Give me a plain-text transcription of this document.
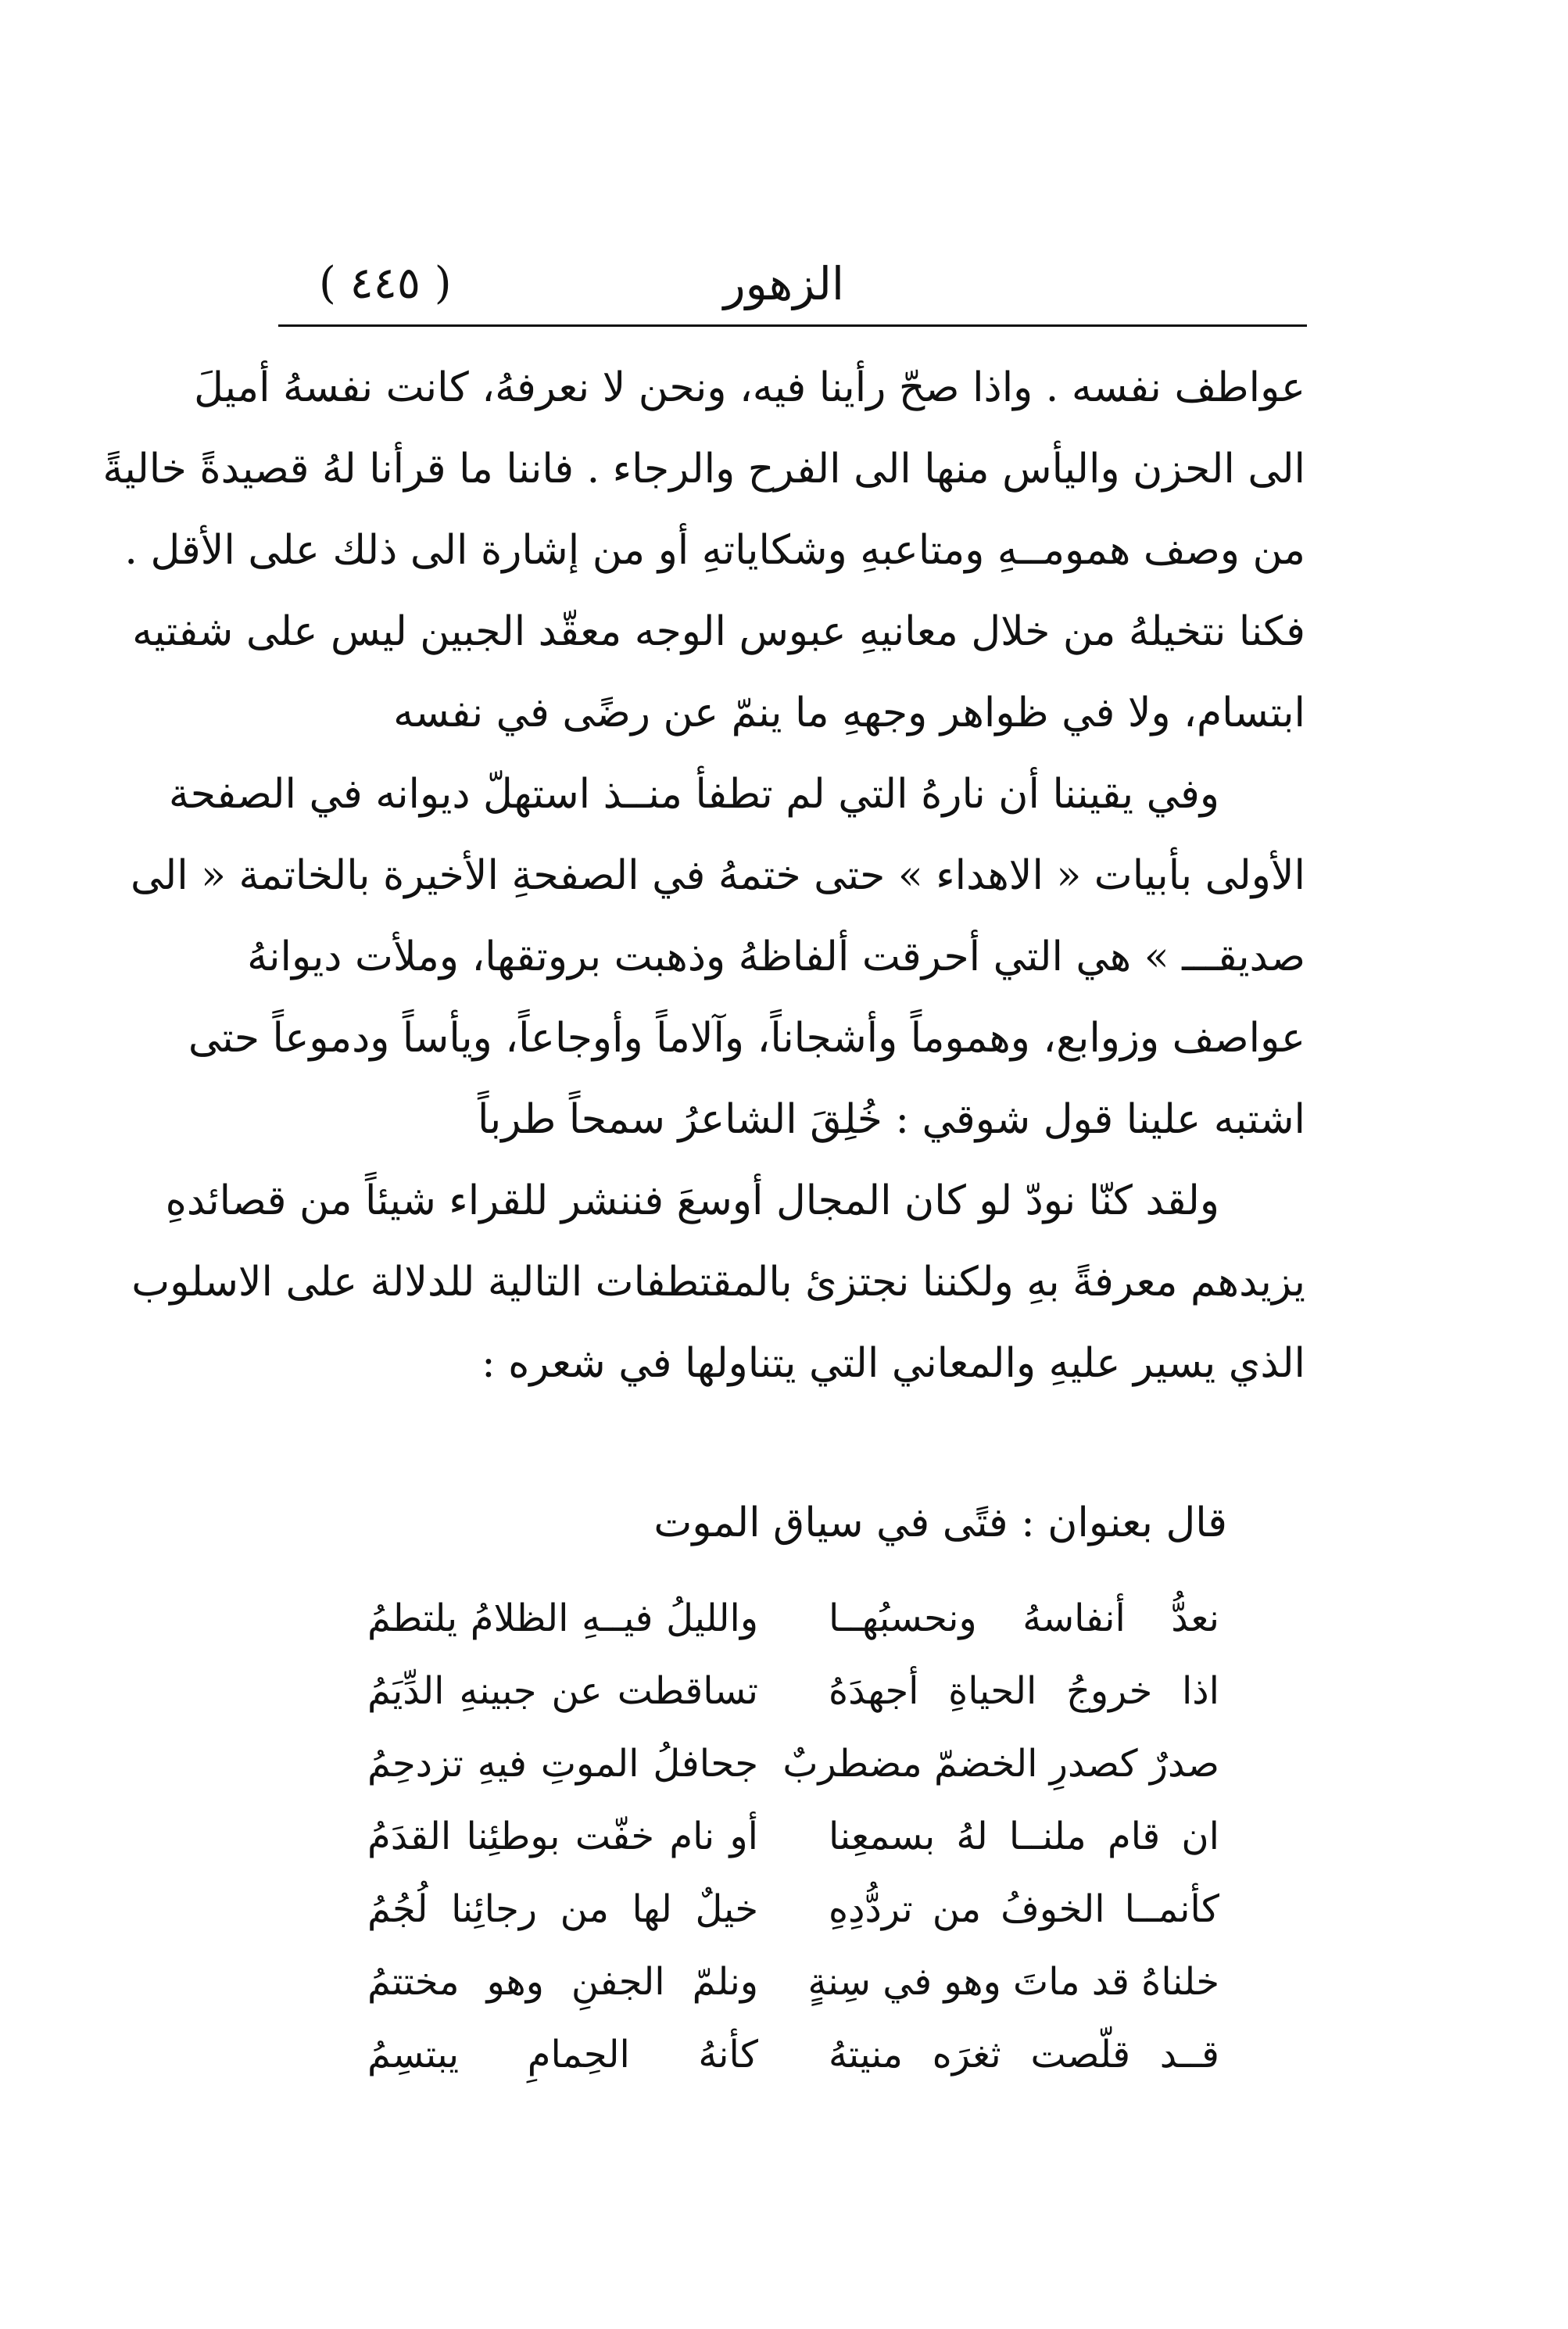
الزهور
( ٤٤٥ )
عواطف نفسه . واذا صحّ رأينا فيه، ونحن لا نعرفهُ، كانت نفسهُ أميلَ
الى الحزن واليأس منها الى الفرح والرجاء . فاننا ما قرأنا لهُ قصيدةً خاليةً
من وصف همومــهِ ومتاعبهِ وشكاياتهِ أو من إشارة الى ذلك على الأقل .
فكنا نتخيلهُ من خلال معانيهِ عبوس الوجه معقّد الجبين ليس على شفتيه
ابتسام، ولا في ظواهر وجههِ ما ينمّ عن رضًى في نفسه
وفي يقيننا أن نارهُ التي لم تطفأ منــذ استهلّ ديوانه في الصفحة
الأولى بأبيات « الاهداء » حتى ختمهُ في الصفحةِ الأخيرة بالخاتمة « الى
صديقـــ » هي التي أحرقت ألفاظهُ وذهبت بروتقها، وملأت ديوانهُ
عواصف وزوابع، وهموماً وأشجاناً، وآلاماً وأوجاعاً، ويأساً ودموعاً حتى
اشتبه علينا قول شوقي : خُلِقَ الشاعرُ سمحاً طرباً
ولقد كنّا نودّ لو كان المجال أوسعَ فننشر للقراء شيئاً من قصائدهِ
يزيدهم معرفةً بهِ ولكننا نجتزئ بالمقتطفات التالية للدلالة على الاسلوب
الذي يسير عليهِ والمعاني التي يتناولها في شعره :
قال بعنوان : فتًى في سياق الموت
نعدُّ أنفاسهُ ونحسبُهــا
والليلُ فيــهِ الظلامُ يلتطمُ
اذا خروجُ الحياةِ أجهدَهُ
تساقطت عن جبينهِ الدِّيَمُ
صدرٌ كصدرِ الخضمّ مضطربٌ
جحافلُ الموتِ فيهِ تزدحِمُ
ان قام ملنــا لهُ بسمعِنا
أو نام خفّت بوطئِنا القدَمُ
كأنمــا الخوفُ من تردُّدِهِ
خيلٌ لها من رجائِنا لُجُمُ
خلناهُ قد ماتَ وهو في سِنةٍ
ونلمّ الجفنِ وهو مختتمُ
قــد قلّصت ثغرَه منيتهُ
كأنهُ الحِمامِ يبتسِمُ
